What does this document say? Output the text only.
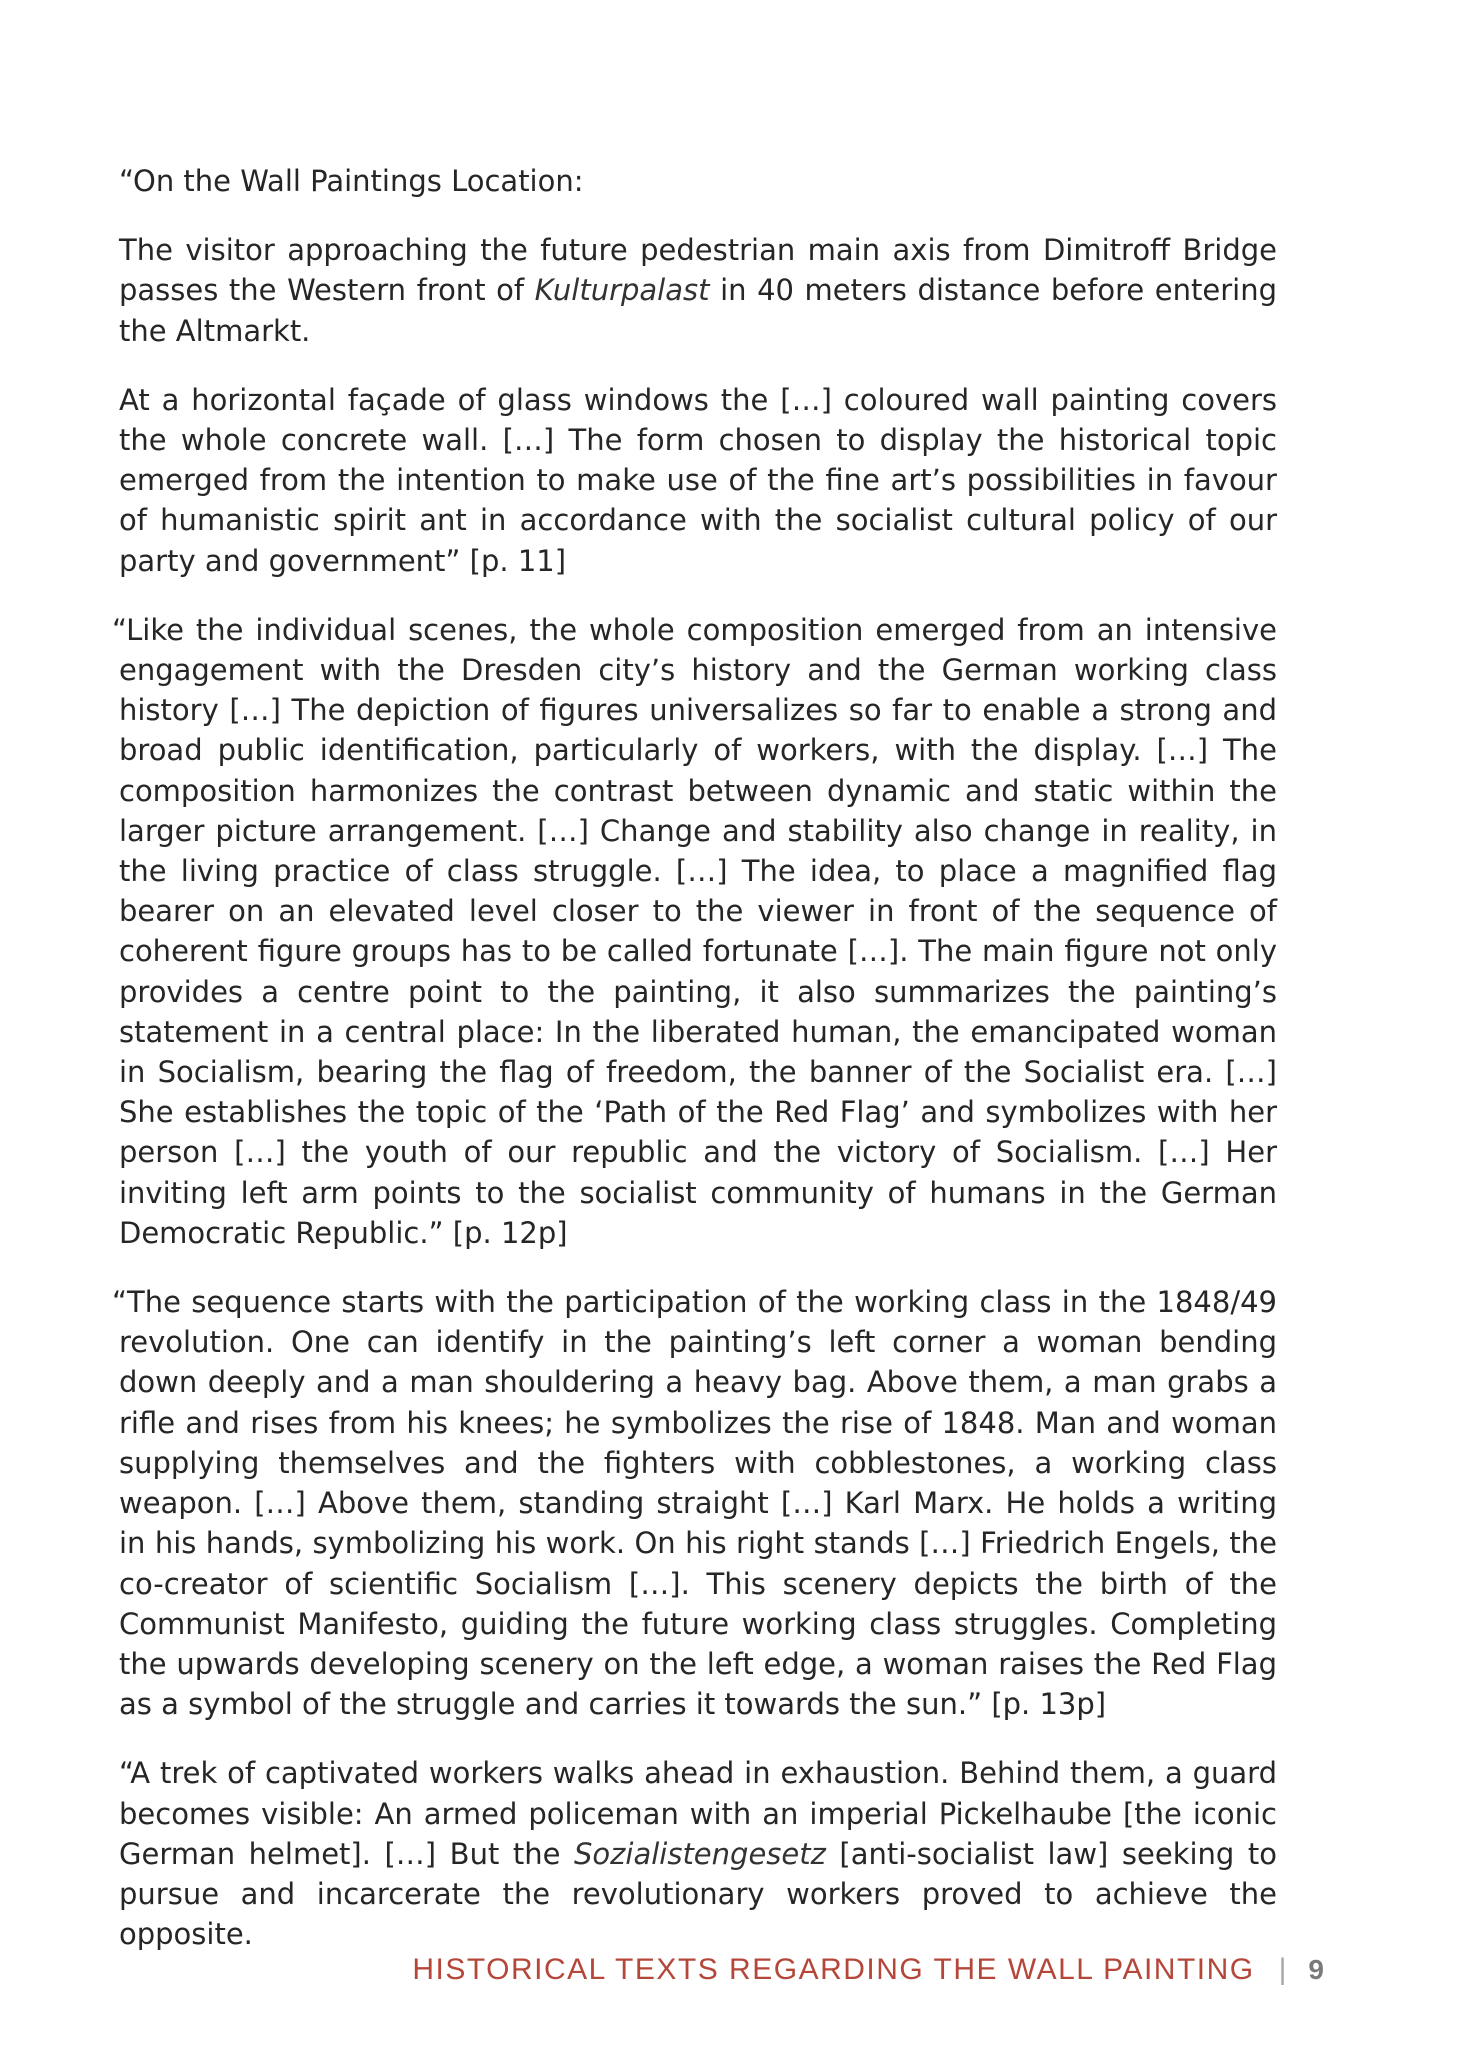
“On the Wall Paintings Location:

The visitor approaching the future pedestrian main axis from Dimitroff Bridge passes the Western front of Kulturpalast in 40 meters distance before entering the Altmarkt.

At a horizontal façade of glass windows the […] coloured wall painting covers the whole concrete wall. […] The form chosen to display the historical topic emerged from the intention to make use of the fine art’s possibilities in favour of humanistic spirit ant in accordance with the socialist cultural policy of our party and government” [p. 11]

“Like the individual scenes, the whole composition emerged from an intensive engagement with the Dresden city’s history and the German working class history […] The depiction of figures universalizes so far to enable a strong and broad public identification, particularly of workers, with the display. […] The composition harmonizes the contrast between dynamic and static within the larger picture arrangement. […] Change and stability also change in reality, in the living practice of class struggle. […] The idea, to place a magnified flag bearer on an elevated level closer to the viewer in front of the sequence of coherent figure groups has to be called fortunate […]. The main figure not only provides a centre point to the painting, it also summarizes the painting’s statement in a central place: In the liberated human, the emancipated woman in Socialism, bearing the flag of freedom, the banner of the Socialist era. […] She establishes the topic of the ‘Path of the Red Flag’ and symbolizes with her person […] the youth of our republic and the victory of Socialism. […] Her inviting left arm points to the socialist community of humans in the German Democratic Republic.” [p. 12p]

“The sequence starts with the participation of the working class in the 1848/49 revolution. One can identify in the painting’s left corner a woman bending down deeply and a man shouldering a heavy bag. Above them, a man grabs a rifle and rises from his knees; he symbolizes the rise of 1848. Man and woman supplying themselves and the fighters with cobblestones, a working class weapon. […] Above them, standing straight […] Karl Marx. He holds a writing in his hands, symbolizing his work. On his right stands […] Friedrich Engels, the co-creator of scientific Socialism […]. This scenery depicts the birth of the Communist Manifesto, guiding the future working class struggles. Completing the upwards developing scenery on the left edge, a woman raises the Red Flag as a symbol of the struggle and carries it towards the sun.” [p. 13p]

“A trek of captivated workers walks ahead in exhaustion. Behind them, a guard becomes visible: An armed policeman with an imperial Pickelhaube [the iconic German helmet]. […] But the Sozialistengesetz [anti-socialist law] seeking to pursue and incarcerate the revolutionary workers proved to achieve the opposite.

HISTORICAL TEXTS REGARDING THE WALL PAINTING | 9
